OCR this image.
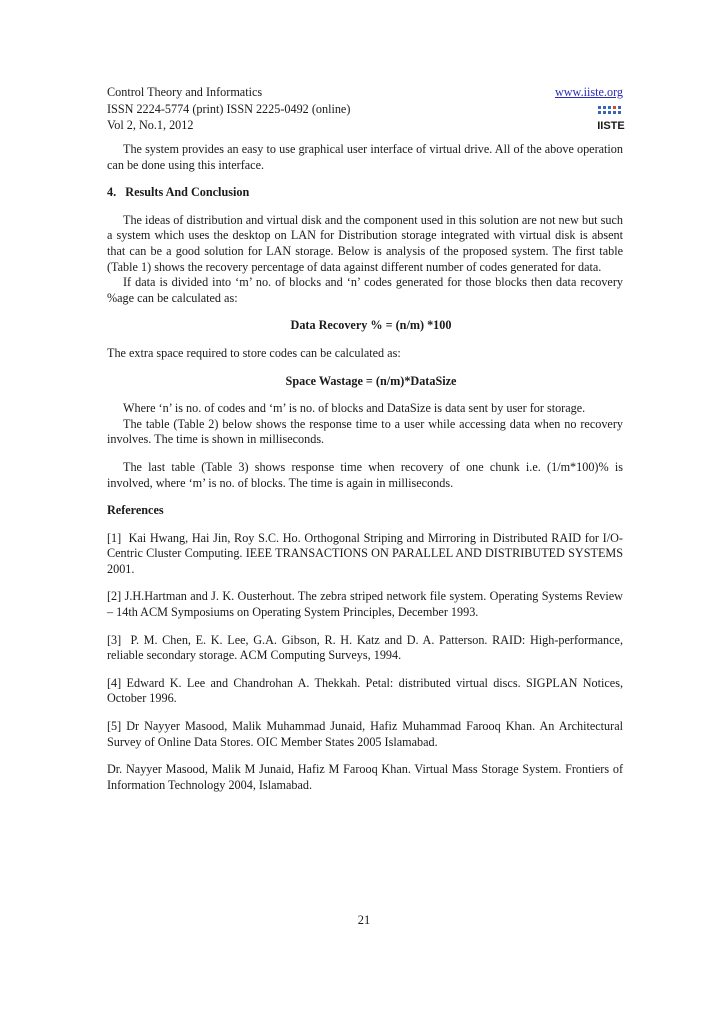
Control Theory and Informatics	www.iiste.org
ISSN 2224-5774 (print) ISSN 2225-0492 (online)
Vol 2, No.1, 2012	IISTE

The system provides an easy to use graphical user interface of virtual drive. All of the above operation can be done using this interface.

4.   Results And Conclusion

The ideas of distribution and virtual disk and the component used in this solution are not new but such a system which uses the desktop on LAN for Distribution storage integrated with virtual disk is absent that can be a good solution for LAN storage. Below is analysis of the proposed system. The first table (Table 1) shows the recovery percentage of data against different number of codes generated for data.

If data is divided into ‘m’ no. of blocks and ‘n’ codes generated for those blocks then data recovery %age can be calculated as:

Data Recovery % = (n/m) *100

The extra space required to store codes can be calculated as:

Space Wastage = (n/m)*DataSize

Where ‘n’ is no. of codes and ‘m’ is no. of blocks and DataSize is data sent by user for storage.

The table (Table 2) below shows the response time to a user while accessing data when no recovery involves. The time is shown in milliseconds.

The last table (Table 3) shows response time when recovery of one chunk i.e. (1/m*100)% is involved, where ‘m’ is no. of blocks. The time is again in milliseconds.

References

[1]  Kai Hwang, Hai Jin, Roy S.C. Ho. Orthogonal Striping and Mirroring in Distributed RAID for I/O-Centric Cluster Computing. IEEE TRANSACTIONS ON PARALLEL AND DISTRIBUTED SYSTEMS 2001.

[2] J.H.Hartman and J. K. Ousterhout. The zebra striped network file system. Operating Systems Review – 14th ACM Symposiums on Operating System Principles, December 1993.

[3]  P. M. Chen, E. K. Lee, G.A. Gibson, R. H. Katz and D. A. Patterson. RAID: High-performance, reliable secondary storage. ACM Computing Surveys, 1994.

[4] Edward K. Lee and Chandrohan A. Thekkah. Petal: distributed virtual discs. SIGPLAN Notices, October 1996.

[5] Dr Nayyer Masood, Malik Muhammad Junaid, Hafiz Muhammad Farooq Khan. An Architectural Survey of Online Data Stores. OIC Member States 2005 Islamabad.

Dr. Nayyer Masood, Malik M Junaid, Hafiz M Farooq Khan. Virtual Mass Storage System. Frontiers of Information Technology 2004, Islamabad.

21
